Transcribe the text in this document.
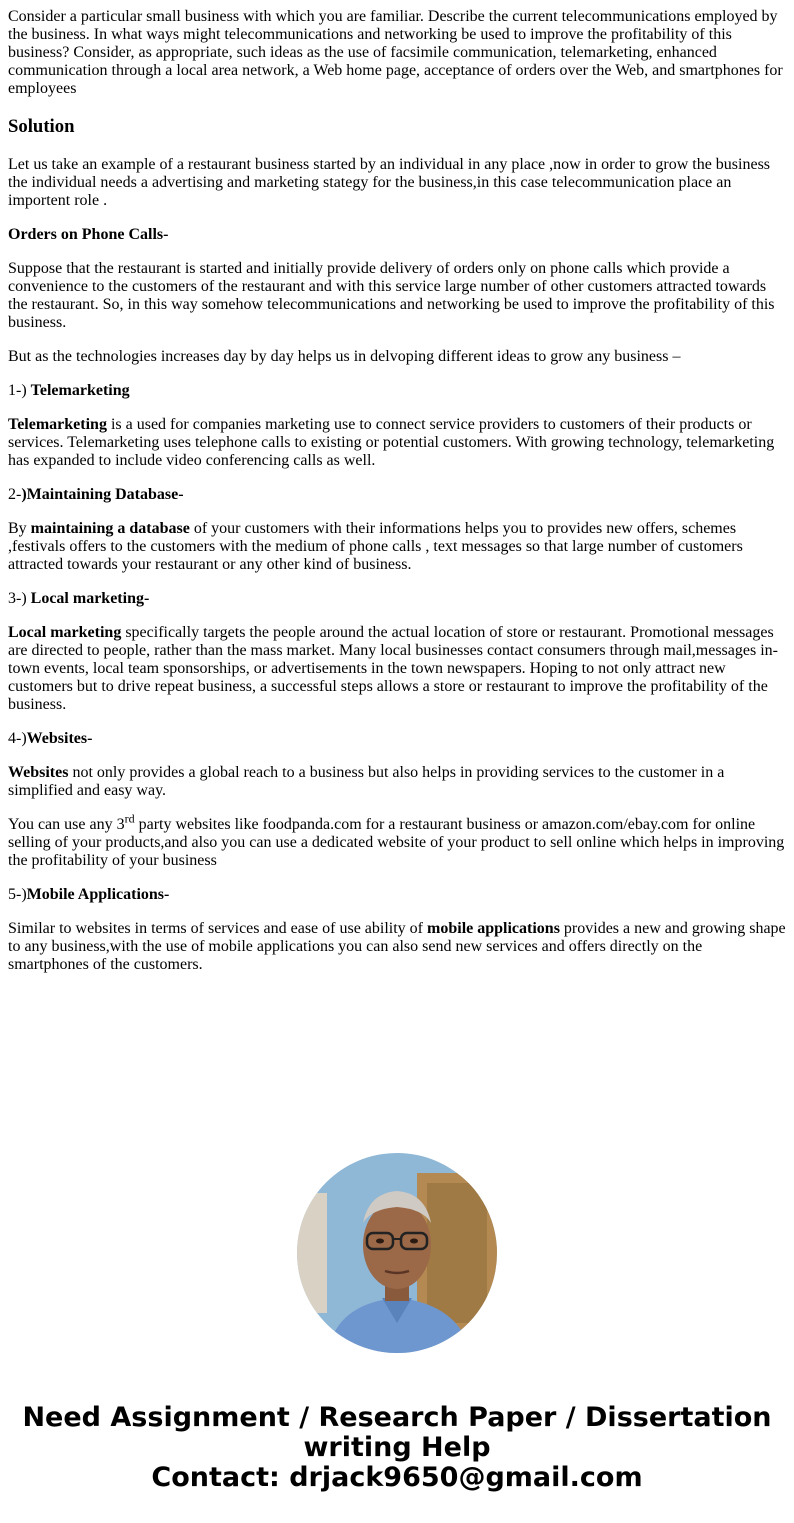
Consider a particular small business with which you are familiar. Describe the current telecommunications employed by the business. In what ways might telecommunications and networking be used to improve the profitability of this business? Consider, as appropriate, such ideas as the use of facsimile communication, telemarketing, enhanced communication through a local area network, a Web home page, acceptance of orders over the Web, and smartphones for employees

Solution

Let us take an example of a restaurant business started by an individual in any place ,now in order to grow the business the individual needs a advertising and marketing stategy for the business,in this case telecommunication place an importent role .

Orders on Phone Calls-

Suppose that the restaurant is started and initially provide delivery of orders only on phone calls which provide a convenience to the customers of the restaurant and with this service large number of other customers attracted towards the restaurant. So, in this way somehow telecommunications and networking be used to improve the profitability of this business.

But as the technologies increases day by day helps us in delvoping different ideas to grow any business –

1-) Telemarketing

Telemarketing is a used for companies marketing use to connect service providers to customers of their products or services. Telemarketing uses telephone calls to existing or potential customers. With growing technology, telemarketing has expanded to include video conferencing calls as well.

2-)Maintaining Database-

By maintaining a database of your customers with their informations helps you to provides new offers, schemes ,festivals offers to the customers with the medium of phone calls , text messages so that large number of customers attracted towards your restaurant or any other kind of business.

3-) Local marketing-

Local marketing specifically targets the people around the actual location of store or restaurant. Promotional messages are directed to people, rather than the mass market. Many local businesses contact consumers through mail,messages in-town events, local team sponsorships, or advertisements in the town newspapers. Hoping to not only attract new customers but to drive repeat business, a successful steps allows a store or restaurant to improve the profitability of the business.

4-)Websites-

Websites not only provides a global reach to a business but also helps in providing services to the customer in a simplified and easy way.

You can use any 3rd party websites like foodpanda.com for a restaurant business or amazon.com/ebay.com for online selling of your products,and also you can use a dedicated website of your product to sell online which helps in improving the profitability of your business

5-)Mobile Applications-

Similar to websites in terms of services and ease of use ability of mobile applications provides a new and growing shape to any business,with the use of mobile applications you can also send new services and offers directly on the smartphones of the customers.

Need Assignment / Research Paper / Dissertation
writing Help
Contact: drjack9650@gmail.com
